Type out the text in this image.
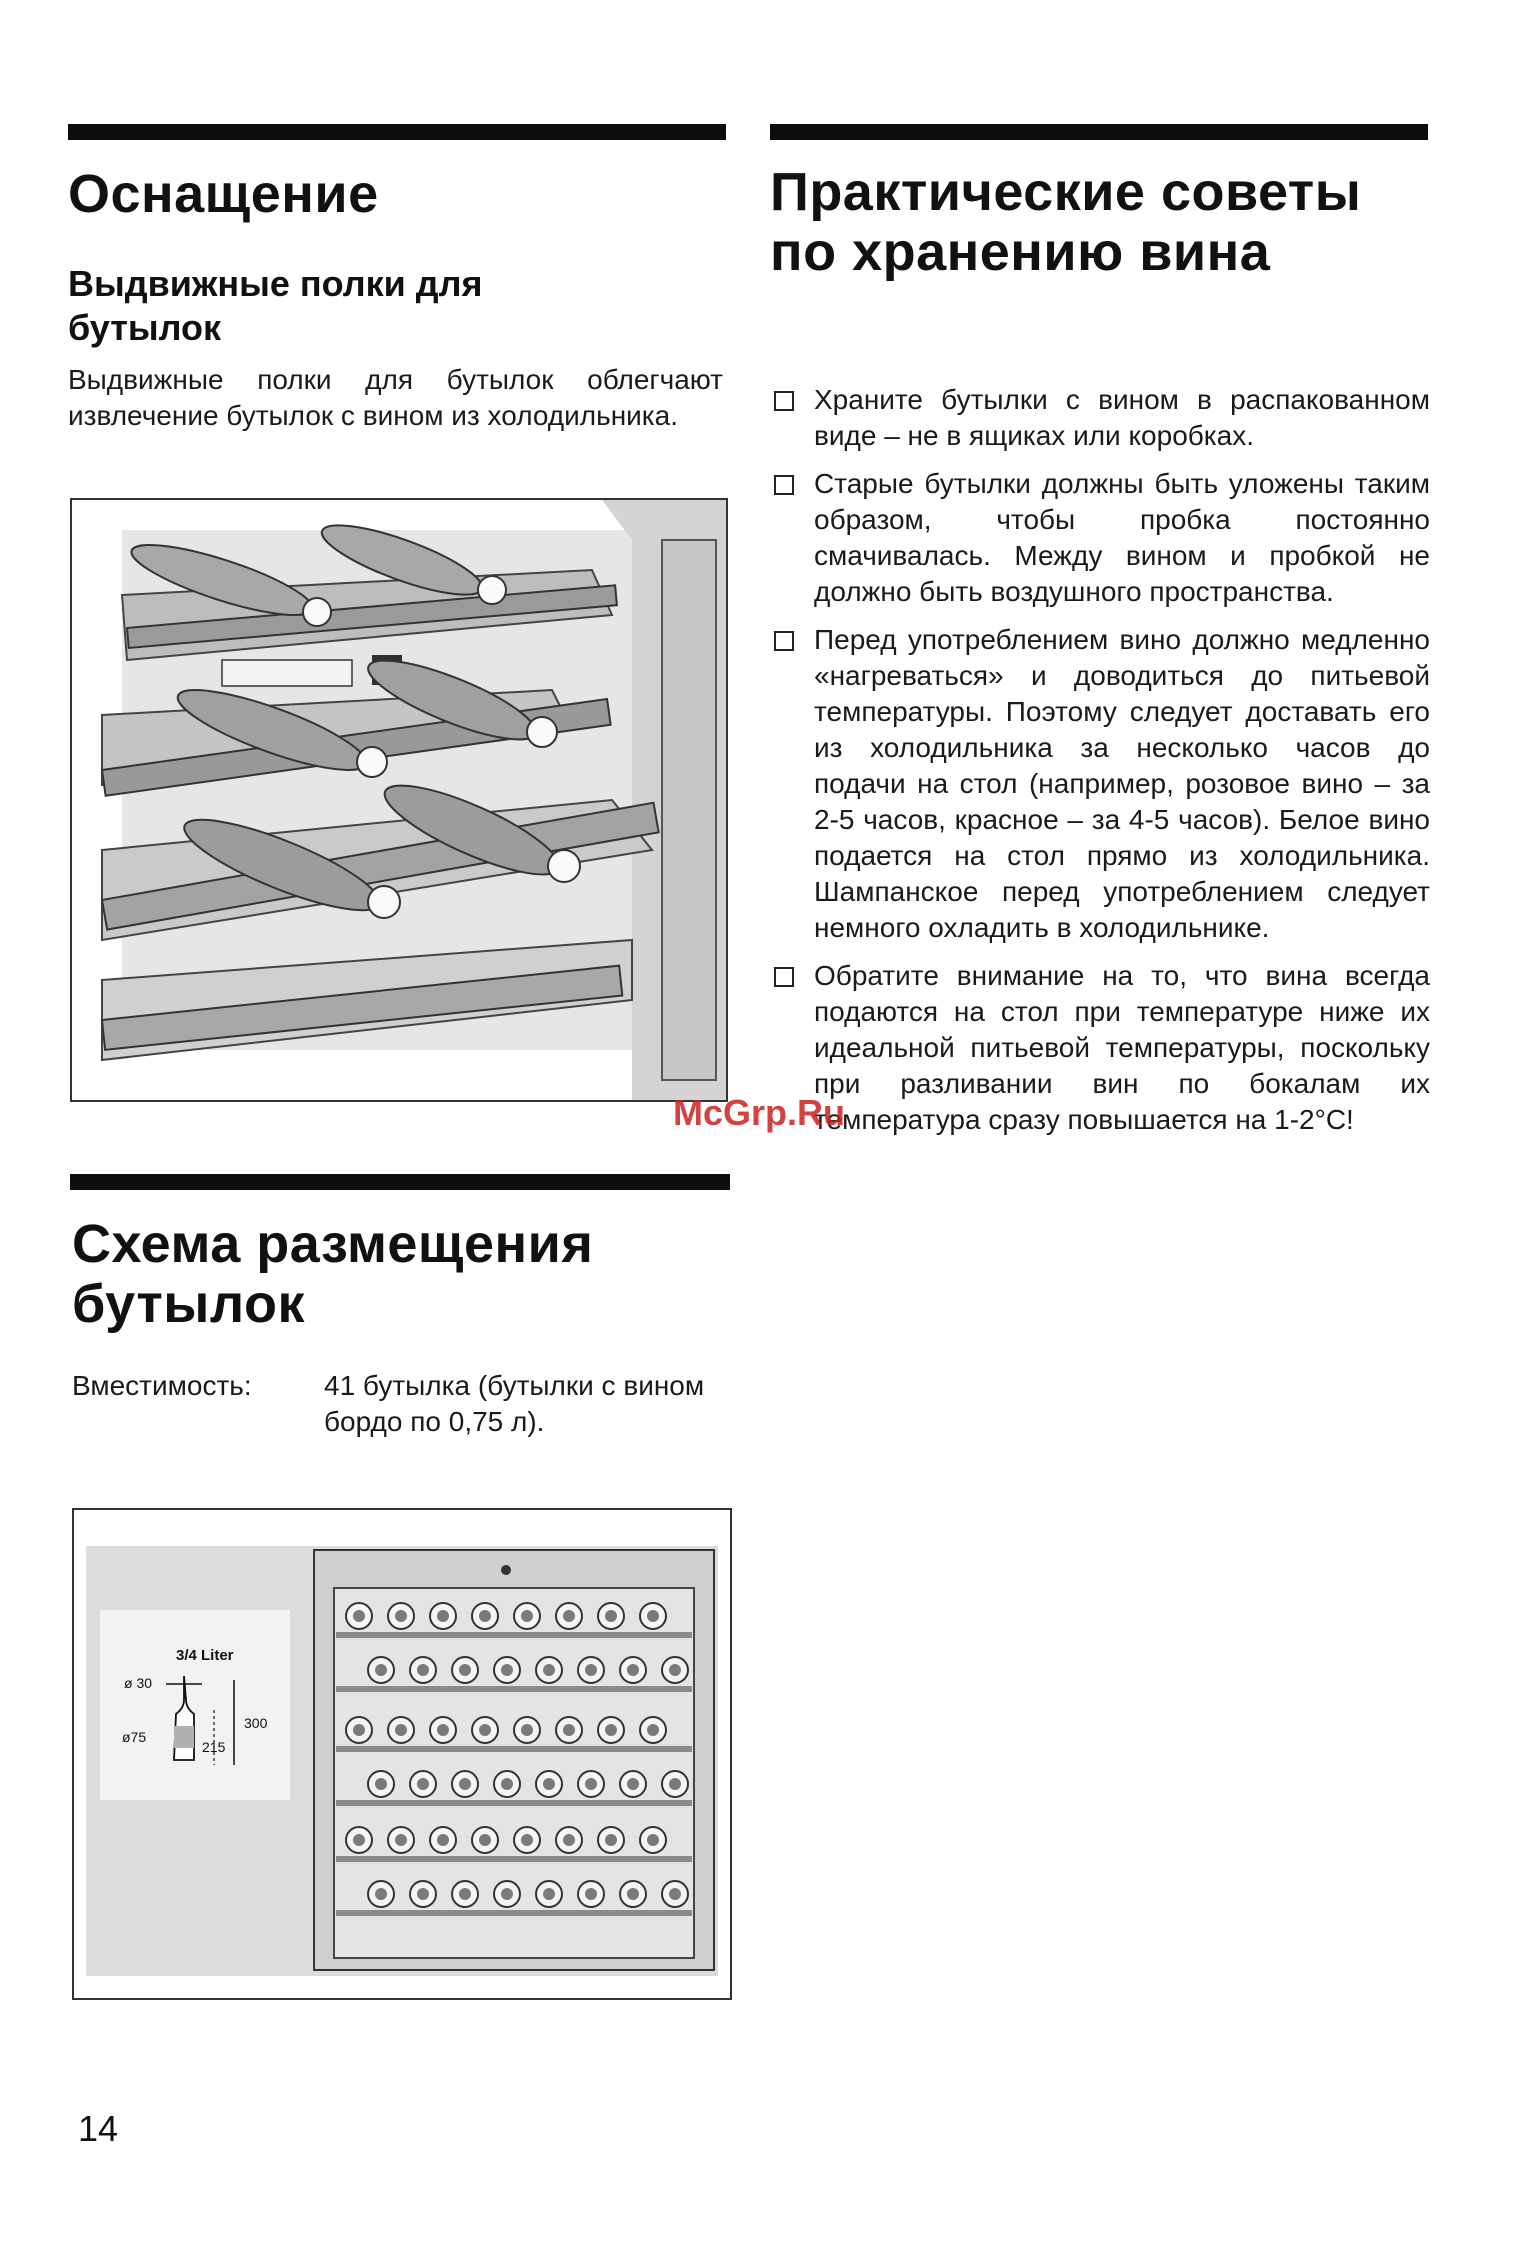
Оснащение
Выдвижные полки для бутылок

Выдвижные полки для бутылок облегчают извлечение бутылок с вином из холодильника.

Схема размещения бутылок
Вместимость:	41 бутылка (бутылки с вином бордо по 0,75 л).
3/4 Liter
ø 30
ø75
300
215
Практические советы по хранению вина
Храните бутылки с вином в распакованном виде – не в ящиках или коробках.
Старые бутылки должны быть уложены таким образом, чтобы пробка постоянно смачивалась. Между вином и пробкой не должно быть воздушного пространства.
Перед употреблением вино должно медленно «нагреваться» и доводиться до питьевой температуры. Поэтому следует доставать его из холодильника за несколько часов до подачи на стол (например, розовое вино – за 2-5 часов, красное – за 4-5 часов). Белое вино подается на стол прямо из холодильника. Шампанское перед употреблением следует немного охладить в холодильнике.
Обратите внимание на то, что вина всегда подаются на стол при температуре ниже их идеальной питьевой температуры, поскольку при разливании вин по бокалам их температура сразу повышается на 1-2°C!
McGrp.Ru
14
